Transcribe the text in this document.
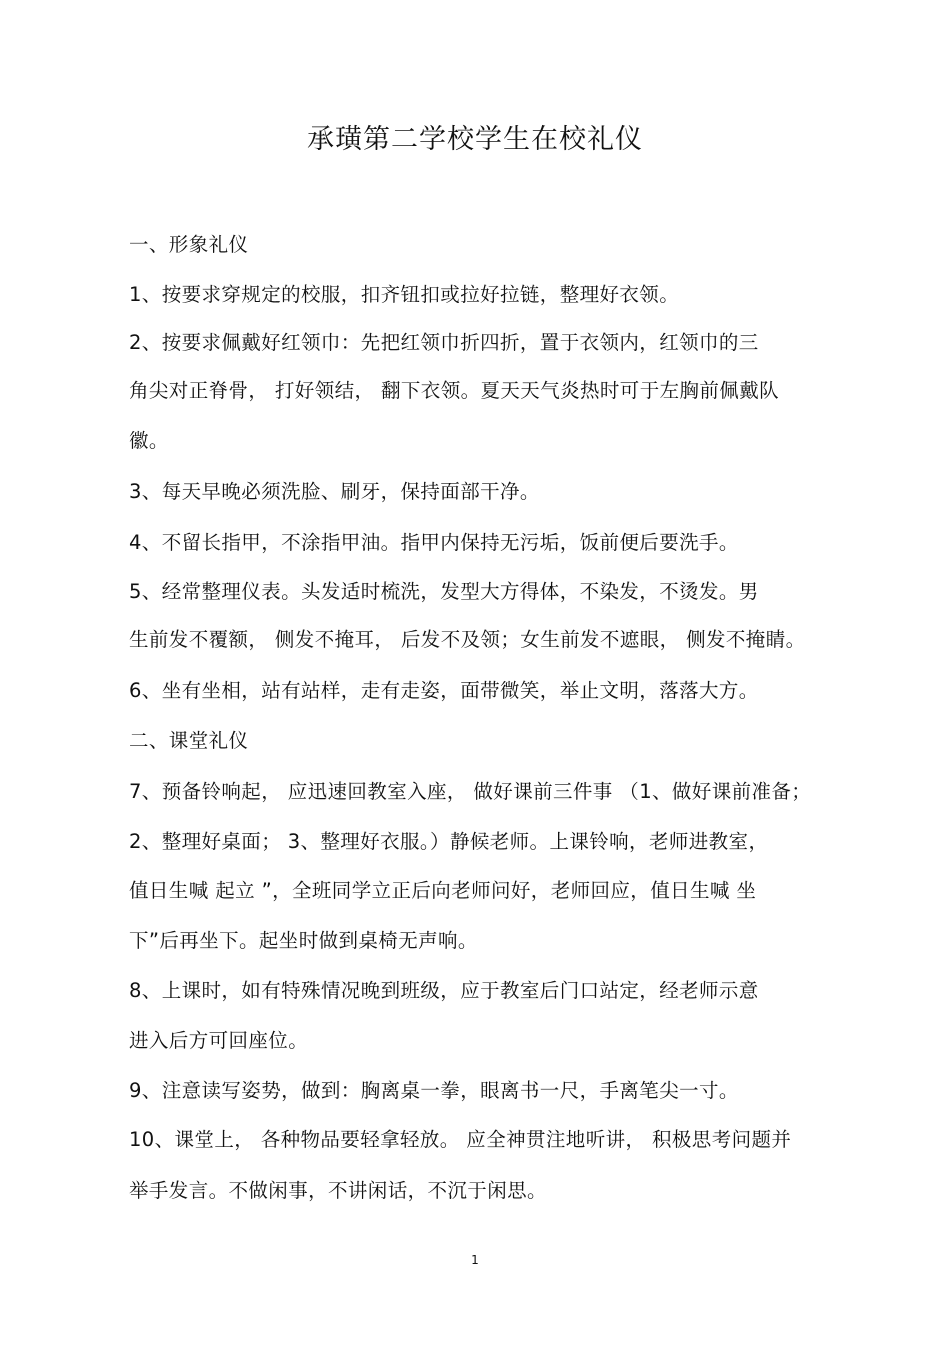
承璜第二学校学生在校礼仪
一、形象礼仪
1、按要求穿规定的校服，扣齐钮扣或拉好拉链，整理好衣领。
2、按要求佩戴好红领巾：先把红领巾折四折，置于衣领内，红领巾的三
角尖对正脊骨， 打好领结， 翻下衣领。夏天天气炎热时可于左胸前佩戴队
徽。
3、每天早晚必须洗脸、刷牙，保持面部干净。
4、不留长指甲，不涂指甲油。指甲内保持无污垢，饭前便后要洗手。
5、经常整理仪表。头发适时梳洗，发型大方得体，不染发，不烫发。男
生前发不覆额， 侧发不掩耳， 后发不及领；女生前发不遮眼， 侧发不掩睛。
6、坐有坐相，站有站样，走有走姿，面带微笑，举止文明，落落大方。
二、课堂礼仪
7、预备铃响起， 应迅速回教室入座， 做好课前三件事 （1、做好课前准备；
2、整理好桌面； 3、整理好衣服。）静候老师。上课铃响，老师进教室，
值日生喊 起立 ”，全班同学立正后向老师问好，老师回应，值日生喊 坐
下”后再坐下。起坐时做到桌椅无声响。
8、上课时，如有特殊情况晚到班级，应于教室后门口站定，经老师示意
进入后方可回座位。
9、注意读写姿势，做到：胸离桌一拳，眼离书一尺，手离笔尖一寸。
10、课堂上， 各种物品要轻拿轻放。 应全神贯注地听讲， 积极思考问题并
举手发言。不做闲事，不讲闲话，不沉于闲思。
1
